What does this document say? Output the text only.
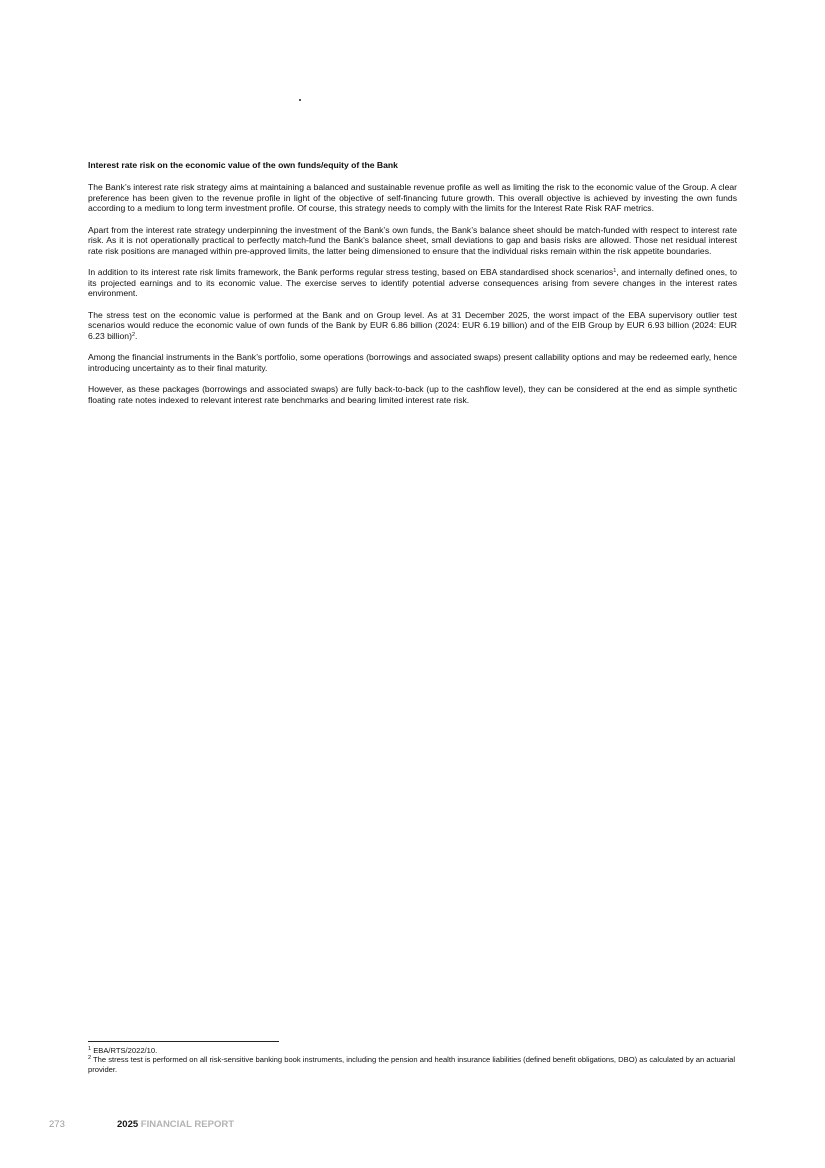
Interest rate risk on the economic value of the own funds/equity of the Bank

The Bank’s interest rate risk strategy aims at maintaining a balanced and sustainable revenue profile as well as limiting the risk to the economic value of the Group. A clear preference has been given to the revenue profile in light of the objective of self-financing future growth. This overall objective is achieved by investing the own funds according to a medium to long term investment profile. Of course, this strategy needs to comply with the limits for the Interest Rate Risk RAF metrics.

Apart from the interest rate strategy underpinning the investment of the Bank’s own funds, the Bank’s balance sheet should be match-funded with respect to interest rate risk. As it is not operationally practical to perfectly match-fund the Bank’s balance sheet, small deviations to gap and basis risks are allowed. Those net residual interest rate risk positions are managed within pre-approved limits, the latter being dimensioned to ensure that the individual risks remain within the risk appetite boundaries.

In addition to its interest rate risk limits framework, the Bank performs regular stress testing, based on EBA standardised shock scenarios$^1$, and internally defined ones, to its projected earnings and to its economic value. The exercise serves to identify potential adverse consequences arising from severe changes in the interest rates environment.

The stress test on the economic value is performed at the Bank and on Group level. As at 31 December 2025, the worst impact of the EBA supervisory outlier test scenarios would reduce the economic value of own funds of the Bank by EUR 6.86 billion (2024: EUR 6.19 billion) and of the EIB Group by EUR 6.93 billion (2024: EUR 6.23 billion)$^2$.

Among the financial instruments in the Bank’s portfolio, some operations (borrowings and associated swaps) present callability options and may be redeemed early, hence introducing uncertainty as to their final maturity.

However, as these packages (borrowings and associated swaps) are fully back-to-back (up to the cashflow level), they can be considered at the end as simple synthetic floating rate notes indexed to relevant interest rate benchmarks and bearing limited interest rate risk.

$^1$ EBA/RTS/2022/10.
$^2$ The stress test is performed on all risk-sensitive banking book instruments, including the pension and health insurance liabilities (defined benefit obligations, DBO) as calculated by an actuarial provider.
273	2025 FINANCIAL REPORT
